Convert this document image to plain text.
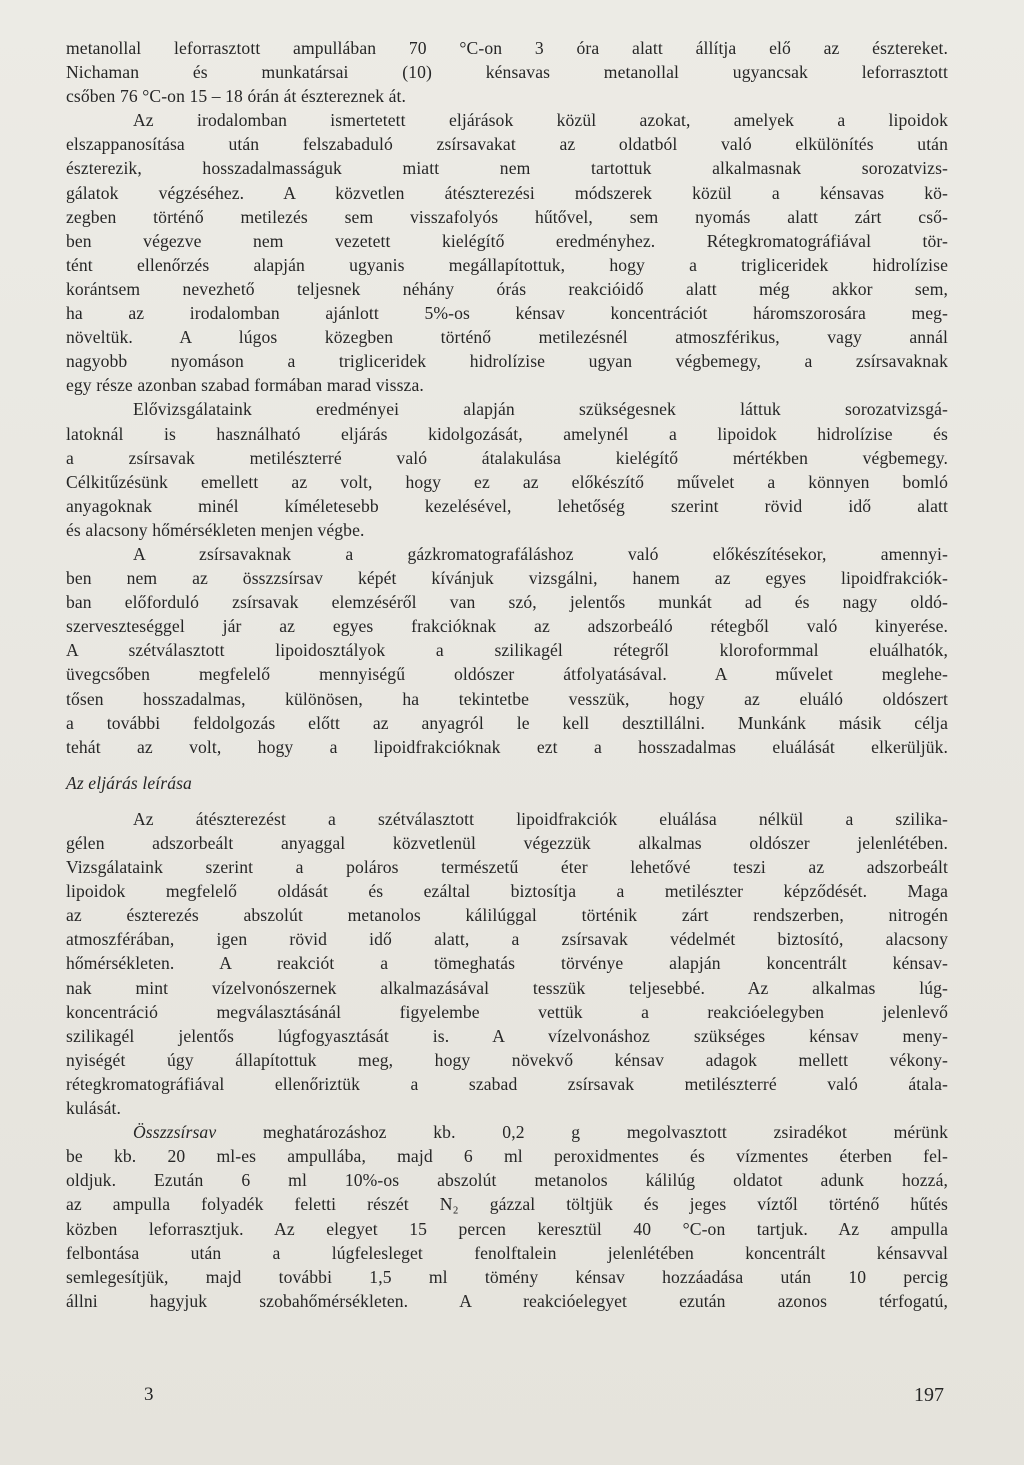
metanollal leforrasztott ampullában 70 °C-on 3 óra alatt állítja elő az észtereket.
Nichaman és munkatársai (10) kénsavas metanollal ugyancsak leforrasztott
csőben 76 °C-on 15 – 18 órán át észtereznek át.
Az irodalomban ismertetett eljárások közül azokat, amelyek a lipoidok
elszappanosítása után felszabaduló zsírsavakat az oldatból való elkülönítés után
észterezik, hosszadalmasságuk miatt nem tartottuk alkalmasnak sorozatvizs-
gálatok végzéséhez. A közvetlen átészterezési módszerek közül a kénsavas kö-
zegben történő metilezés sem visszafolyós hűtővel, sem nyomás alatt zárt cső-
ben végezve nem vezetett kielégítő eredményhez. Rétegkromatográfiával tör-
tént ellenőrzés alapján ugyanis megállapítottuk, hogy a trigliceridek hidrolízise
korántsem nevezhető teljesnek néhány órás reakcióidő alatt még akkor sem,
ha az irodalomban ajánlott 5%-os kénsav koncentrációt háromszorosára meg-
növeltük. A lúgos közegben történő metilezésnél atmoszférikus, vagy annál
nagyobb nyomáson a trigliceridek hidrolízise ugyan végbemegy, a zsírsavaknak
egy része azonban szabad formában marad vissza.
Elővizsgálataink eredményei alapján szükségesnek láttuk sorozatvizsgá-
latoknál is használható eljárás kidolgozását, amelynél a lipoidok hidrolízise és
a zsírsavak metilészterré való átalakulása kielégítő mértékben végbemegy.
Célkitűzésünk emellett az volt, hogy ez az előkészítő művelet a könnyen bomló
anyagoknak minél kíméletesebb kezelésével, lehetőség szerint rövid idő alatt
és alacsony hőmérsékleten menjen végbe.
A zsírsavaknak a gázkromatografáláshoz való előkészítésekor, amennyi-
ben nem az összzsírsav képét kívánjuk vizsgálni, hanem az egyes lipoidfrakciók-
ban előforduló zsírsavak elemzéséről van szó, jelentős munkát ad és nagy oldó-
szerveszteséggel jár az egyes frakcióknak az adszorbeáló rétegből való kinyerése.
A szétválasztott lipoidosztályok a szilikagél rétegről kloroformmal eluálhatók,
üvegcsőben megfelelő mennyiségű oldószer átfolyatásával. A művelet meglehe-
tősen hosszadalmas, különösen, ha tekintetbe vesszük, hogy az eluáló oldószert
a további feldolgozás előtt az anyagról le kell desztillálni. Munkánk másik célja
tehát az volt, hogy a lipoidfrakcióknak ezt a hosszadalmas eluálását elkerüljük.
Az eljárás leírása
Az átészterezést a szétválasztott lipoidfrakciók eluálása nélkül a szilika-
gélen adszorbeált anyaggal közvetlenül végezzük alkalmas oldószer jelenlétében.
Vizsgálataink szerint a poláros természetű éter lehetővé teszi az adszorbeált
lipoidok megfelelő oldását és ezáltal biztosítja a metilészter képződését. Maga
az észterezés abszolút metanolos kálilúggal történik zárt rendszerben, nitrogén
atmoszférában, igen rövid idő alatt, a zsírsavak védelmét biztosító, alacsony
hőmérsékleten. A reakciót a tömeghatás törvénye alapján koncentrált kénsav-
nak mint vízelvonószernek alkalmazásával tesszük teljesebbé. Az alkalmas lúg-
koncentráció megválasztásánál figyelembe vettük a reakcióelegyben jelenlevő
szilikagél jelentős lúgfogyasztását is. A vízelvonáshoz szükséges kénsav meny-
nyiségét úgy állapítottuk meg, hogy növekvő kénsav adagok mellett vékony-
rétegkromatográfiával ellenőriztük a szabad zsírsavak metilészterré való átala-
kulását.
Összzsírsav meghatározáshoz kb. 0,2 g megolvasztott zsiradékot mérünk
be kb. 20 ml-es ampullába, majd 6 ml peroxidmentes és vízmentes éterben fel-
oldjuk. Ezután 6 ml 10%-os abszolút metanolos kálilúg oldatot adunk hozzá,
az ampulla folyadék feletti részét N₂ gázzal töltjük és jeges víztől történő hűtés
közben leforrasztjuk. Az elegyet 15 percen keresztül 40 °C-on tartjuk. Az ampulla
felbontása után a lúgfelesleget fenolftalein jelenlétében koncentrált kénsavval
semlegesítjük, majd további 1,5 ml tömény kénsav hozzáadása után 10 percig
állni hagyjuk szobahőmérsékleten. A reakcióelegyet ezután azonos térfogatú,
3	197
